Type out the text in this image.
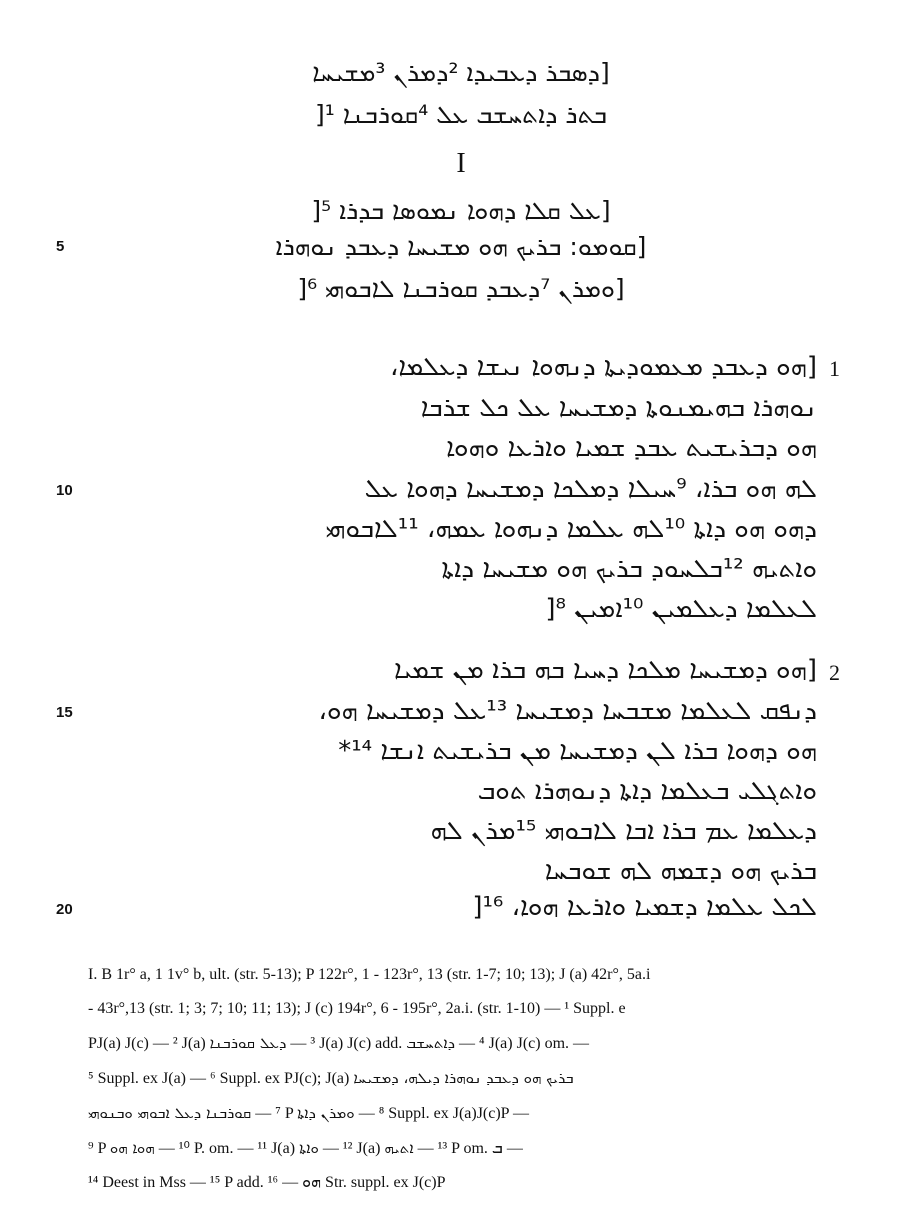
[ܕܣܒܪ ܕܥܒܝܕܐ ²ܕܡܪܢ ³ܡܫܝܚܐ
ܒܬܪ ܕܐܬܚܫܒ ܥܠ ⁴ܩܘܪܒܢܐ ¹[
I
[ܥܠ ܩܠܐ ܕܗܘܐ ܢܡܘܣܐ ܒܕܪܐ ⁵[
5	[ܩܘܡܘ: ܒܪܝܟ ܗܘ ܡܫܝܚܐ ܕܥܒܕ ܢܘܗܪܐ
[ܘܡܪܢ ⁷ܕܥܒܕ ܩܘܪܒܢܐ ܠܐܒܘܗܝ ⁶[
1
[ܗܘ ܕܥܒܕ ܡܥܡܘܕܝܬܐ ܕܢܗܘܐ ܢܝܫܐ ܕܥܠܡܐ،
ܢܘܗܪܐ ܒܗܝܡܢܘܬܐ ܕܡܫܝܚܐ ܥܠ ܟܠ ܫܪܒܐ
ܗܘ ܕܒܪܝܫܝܬ ܥܒܕ ܫܡܝܐ ܘܐܪܥܐ ܘܗܘܐ
10	ܠܗ ܗܘ ܒܪܐ، ⁹ܚܝܠܐ ܕܡܠܟܐ ܕܡܫܝܚܐ ܕܗܘܐ ܥܠ
ܕܗܘ ܗܘ ܕܐܬܐ ¹⁰ܠܗ ܥܠܡܐ ܕܢܗܘܐ ܥܡܗ، ¹¹ܠܐܒܘܗܝ
ܘܐܬܝܗ ¹²ܒܠܚܘܕ ܒܪܝܟ ܗܘ ܡܫܝܚܐ ܕܐܬܐ
ܠܥܠܡܐ ܕܥܠܡܝܢ ¹⁰ܐܡܝܢ ⁸[
2
[ܗܘ ܕܡܫܝܚܐ ܡܠܟܐ ܕܚܝܐ ܒܗ ܒܪܐ ܡܢ ܫܡܝܐ
15	ܕܢܦܩ ܠܥܠܡܐ ܡܫܒܚܐ ܕܡܫܝܚܐ ¹³ܥܠ ܕܡܫܝܚܐ ܗܘ،
ܗܘ ܕܗܘܐ ܒܪܐ ܠܢ ܕܡܫܝܚܐ ܡܢ ܒܪܝܫܝܬ ܐܢܫܐ ¹⁴*
ܘܐܬܓܠܝ ܒܥܠܡܐ ܕܐܬܐ ܕܢܘܗܪܐ ܬܘܒ
ܕܥܠܡܐ ܥܡ ܒܪܐ ܐܒܐ ܠܐܒܘܗܝ ¹⁵ܡܪܢ ܠܗ
ܒܪܝܟ ܗܘ ܕܫܡܗ ܠܗ ܫܘܒܚܐ
20	ܠܟܠ ܥܠܡܐ ܕܫܡܝܐ ܘܐܪܥܐ ܗܘܐ، ¹⁶[
I. B 1r° a, 1 1v° b, ult. (str. 5-13); P 122r°, 1 - 123r°, 13 (str. 1-7; 10; 13); J (a) 42r°, 5a.i
- 43r°,13 (str. 1; 3; 7; 10; 11; 13); J (c) 194r°, 6 - 195r°, 2a.i. (str. 1-10) — ¹ Suppl. e
PJ(a) J(c) — ² J(a) ܕܥܠ ܩܘܪܒܢܐ — ³ J(a) J(c) add. ܕܐܬܚܫܒ — ⁴ J(a) J(c) om. —
⁵ Suppl. ex J(a) — ⁶ Suppl. ex PJ(c); J(a) ܒܪܝܟ ܗܘ ܕܥܒܕ ܢܘܗܪܐ ܕܝܠܗ، ܕܡܫܝܚܐ
ܩܘܪܒܢܐ ܕܥܠ ܐܒܘܗܝ ܘܒܢܘܗܝ — ⁷ P ܘܡܪܢ ܕܐܬܐ — ⁸ Suppl. ex J(a)J(c)P —
⁹ P ܗܘܐ ܗܘ — ¹⁰ P. om. — ¹¹ J(a) ܘܐܬܐ — ¹² J(a) ܐܬܝܗ — ¹³ P om. ܒ —
¹⁴ Deest in Mss — ¹⁵ P add. ܗܘ — ¹⁶ Str. suppl. ex J(c)P
